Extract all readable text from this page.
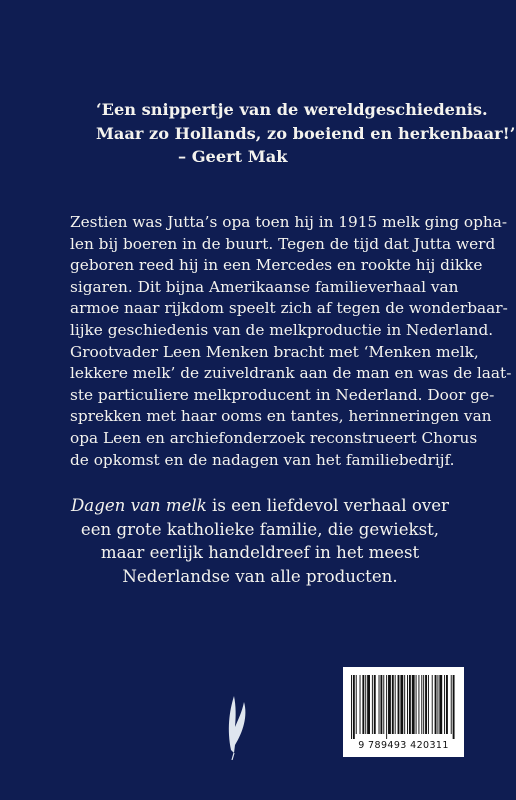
‘Een snippertje van de wereldgeschiedenis.
Maar zo Hollands, zo boeiend en herkenbaar!’
– Geert Mak
Zestien was Jutta’s opa toen hij in 1915 melk ging opha-
len bij boeren in de buurt. Tegen de tijd dat Jutta werd
geboren reed hij in een Mercedes en rookte hij dikke
sigaren. Dit bijna Amerikaanse familieverhaal van
armoe naar rijkdom speelt zich af tegen de wonderbaar-
lijke geschiedenis van de melkproductie in Nederland.
Grootvader Leen Menken bracht met ‘Menken melk,
lekkere melk’ de zuiveldrank aan de man en was de laat-
ste particuliere melkproducent in Nederland. Door ge-
sprekken met haar ooms en tantes, herinneringen van
opa Leen en archiefonderzoek reconstrueert Chorus
de opkomst en de nadagen van het familiebedrijf.
Dagen van melk is een liefdevol verhaal over
een grote katholieke familie, die gewiekst,
maar eerlijk handeldreef in het meest
Nederlandse van alle producten.
9 789493 420311
